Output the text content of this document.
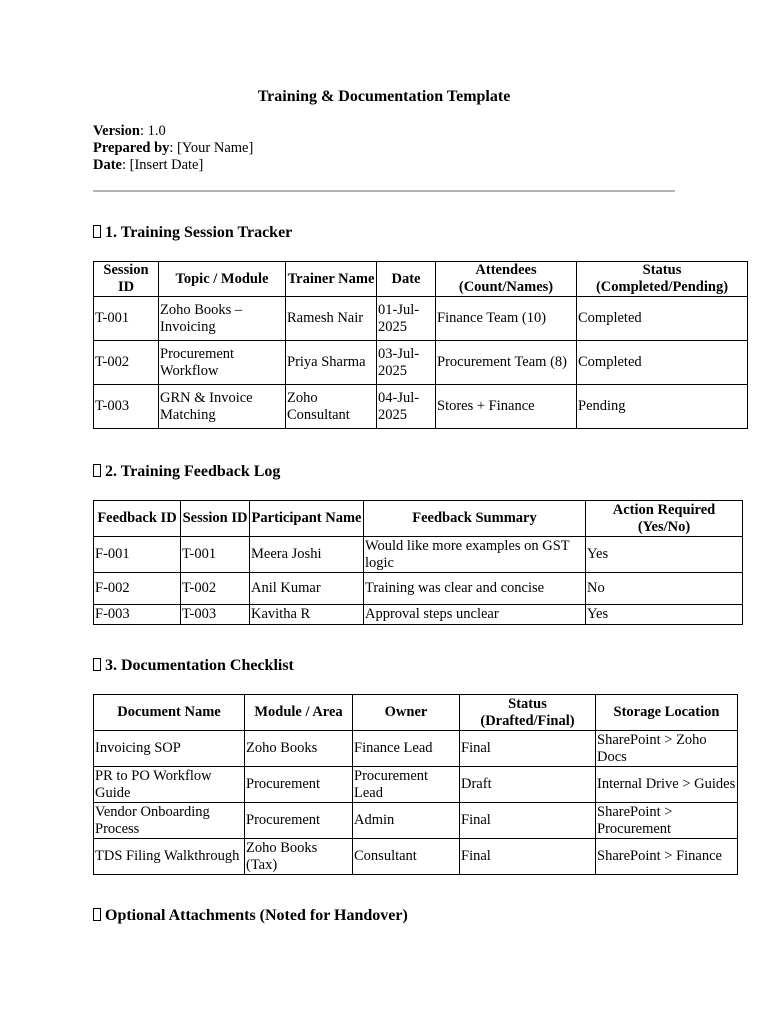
Training & Documentation Template
Version: 1.0
Prepared by: [Your Name]
Date: [Insert Date]
1. Training Session Tracker
Session ID	Topic / Module	Trainer Name	Date	Attendees (Count/Names)	Status (Completed/Pending)
T-001	Zoho Books – Invoicing	Ramesh Nair	01-Jul-2025	Finance Team (10)	Completed
T-002	Procurement Workflow	Priya Sharma	03-Jul-2025	Procurement Team (8)	Completed
T-003	GRN & Invoice Matching	Zoho Consultant	04-Jul-2025	Stores + Finance	Pending
2. Training Feedback Log
Feedback ID	Session ID	Participant Name	Feedback Summary	Action Required (Yes/No)
F-001	T-001	Meera Joshi	Would like more examples on GST logic	Yes
F-002	T-002	Anil Kumar	Training was clear and concise	No
F-003	T-003	Kavitha R	Approval steps unclear	Yes
3. Documentation Checklist
Document Name	Module / Area	Owner	Status (Drafted/Final)	Storage Location
Invoicing SOP	Zoho Books	Finance Lead	Final	SharePoint > Zoho Docs
PR to PO Workflow Guide	Procurement	Procurement Lead	Draft	Internal Drive > Guides
Vendor Onboarding Process	Procurement	Admin	Final	SharePoint > Procurement
TDS Filing Walkthrough	Zoho Books (Tax)	Consultant	Final	SharePoint > Finance
Optional Attachments (Noted for Handover)
